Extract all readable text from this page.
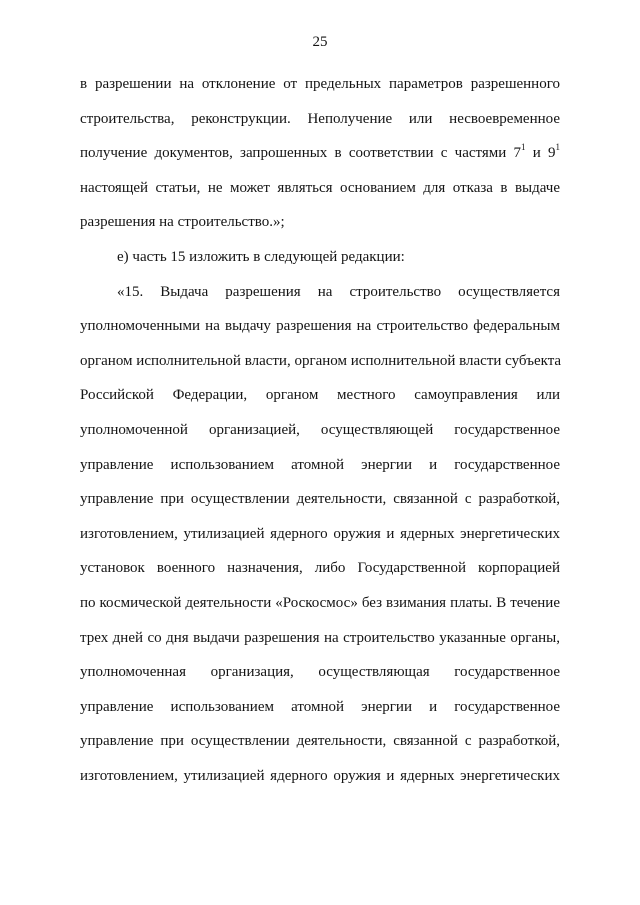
25
в разрешении на отклонение от предельных параметров разрешенного
строительства, реконструкции. Неполучение или несвоевременное
получение документов, запрошенных в соответствии с частями $7^1$ и $9^1$
настоящей статьи, не может являться основанием для отказа в выдаче
разрешения на строительство.»;
е) часть 15 изложить в следующей редакции:
«15. Выдача разрешения на строительство осуществляется
уполномоченными на выдачу разрешения на строительство федеральным
органом исполнительной власти, органом исполнительной власти субъекта
Российской Федерации, органом местного самоуправления или
уполномоченной организацией, осуществляющей государственное
управление использованием атомной энергии и государственное
управление при осуществлении деятельности, связанной с разработкой,
изготовлением, утилизацией ядерного оружия и ядерных энергетических
установок военного назначения, либо Государственной корпорацией
по космической деятельности «Роскосмос» без взимания платы. В течение
трех дней со дня выдачи разрешения на строительство указанные органы,
уполномоченная организация, осуществляющая государственное
управление использованием атомной энергии и государственное
управление при осуществлении деятельности, связанной с разработкой,
изготовлением, утилизацией ядерного оружия и ядерных энергетических
